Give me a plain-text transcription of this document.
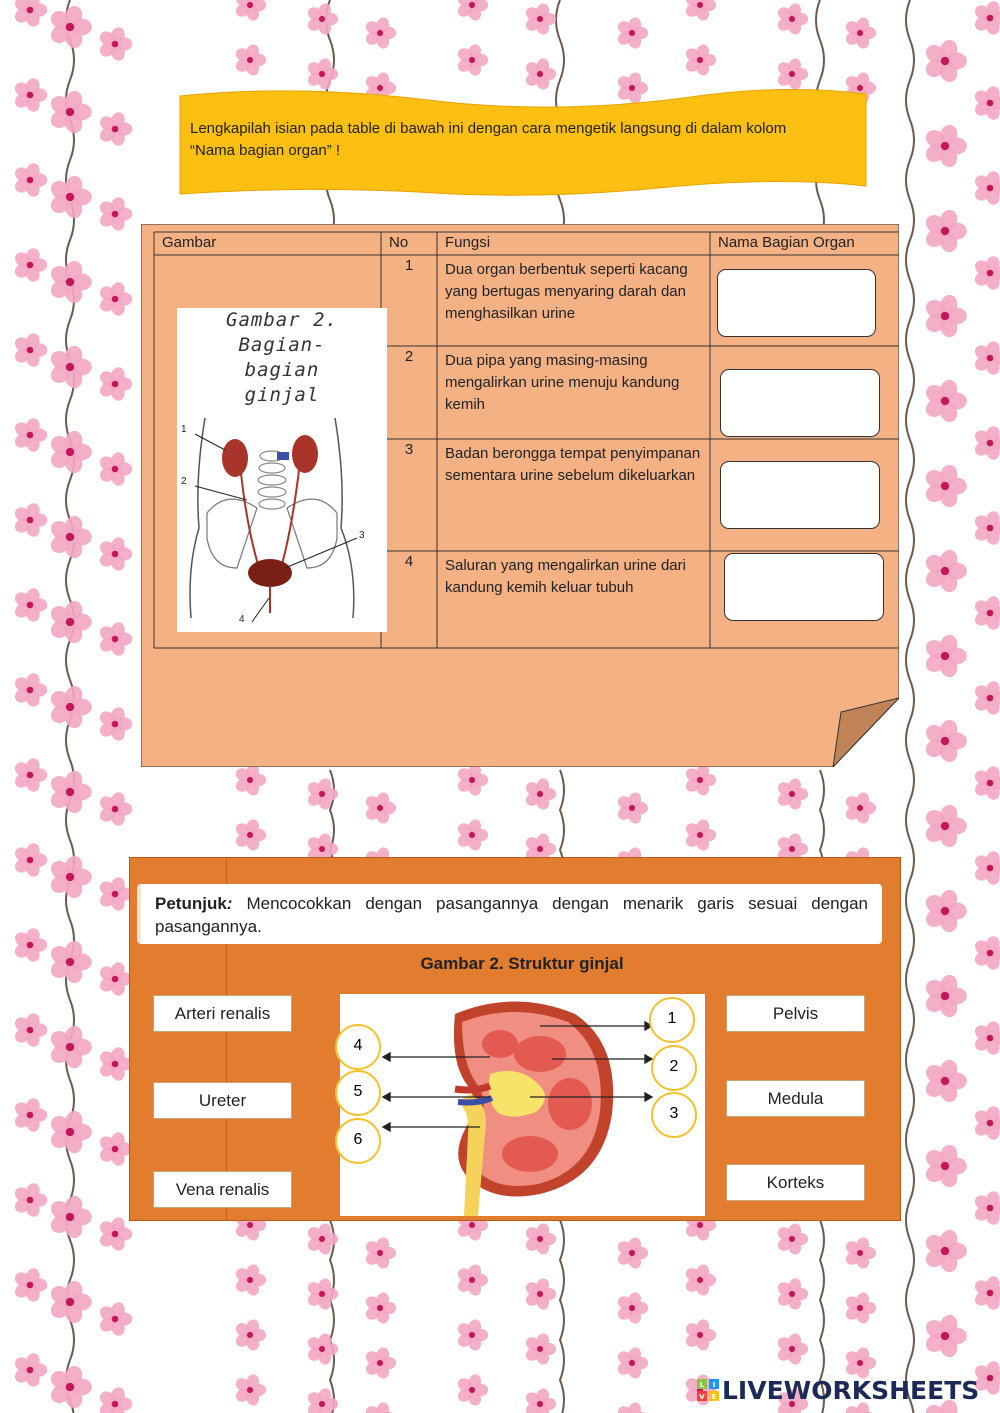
Lengkapilah isian pada table di bawah ini dengan cara mengetik langsung di dalam kolom “Nama bagian organ” !
Gambar	No	Fungsi	Nama Bagian Organ
1	Dua organ berbentuk seperti kacang yang bertugas menyaring darah dan menghasilkan urine
2	Dua pipa yang masing-masing mengalirkan urine menuju kandung kemih
3	Badan berongga tempat penyimpanan sementara urine sebelum dikeluarkan
4	Saluran yang mengalirkan urine dari kandung kemih keluar tubuh
Gambar 2.
Bagian-
bagian
ginjal
1
2
3
4
Petunjuk: Mencocokkan dengan pasangannya dengan menarik garis sesuai dengan pasangannya.
Gambar 2. Struktur ginjal
Arteri renalis
Ureter
Vena renalis
Pelvis
Medula
Korteks
4
5
6
1
2
3
L I
V E LIVEWORKSHEETS
